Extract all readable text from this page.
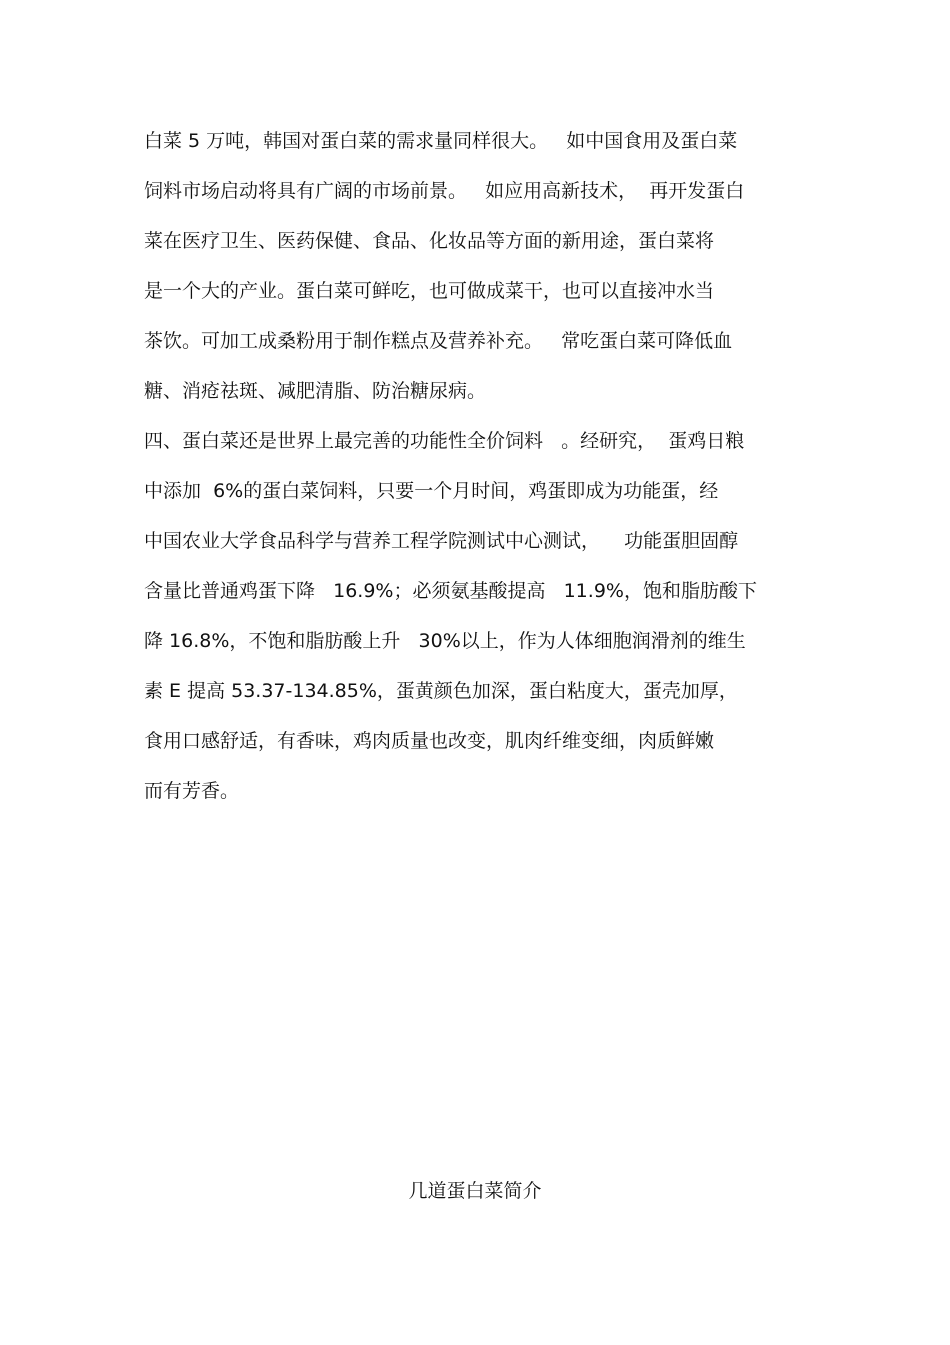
白菜 5 万吨，韩国对蛋白菜的需求量同样很大。   如中国食用及蛋白菜
饲料市场启动将具有广阔的市场前景。   如应用高新技术，  再开发蛋白
菜在医疗卫生、医药保健、食品、化妆品等方面的新用途，蛋白菜将
是一个大的产业。蛋白菜可鲜吃，也可做成菜干，也可以直接冲水当
茶饮。可加工成桑粉用于制作糕点及营养补充。   常吃蛋白菜可降低血
糖、消疮祛斑、减肥清脂、防治糖尿病。
四、蛋白菜还是世界上最完善的功能性全价饲料   。经研究，  蛋鸡日粮
中添加  6%的蛋白菜饲料，只要一个月时间，鸡蛋即成为功能蛋，经
中国农业大学食品科学与营养工程学院测试中心测试，    功能蛋胆固醇
含量比普通鸡蛋下降   16.9%；必须氨基酸提高   11.9%，饱和脂肪酸下
降 16.8%，不饱和脂肪酸上升   30%以上，作为人体细胞润滑剂的维生
素 E 提高 53.37-134.85%，蛋黄颜色加深，蛋白粘度大，蛋壳加厚，
食用口感舒适，有香味，鸡肉质量也改变，肌肉纤维变细，肉质鲜嫩
而有芳香。
几道蛋白菜简介
